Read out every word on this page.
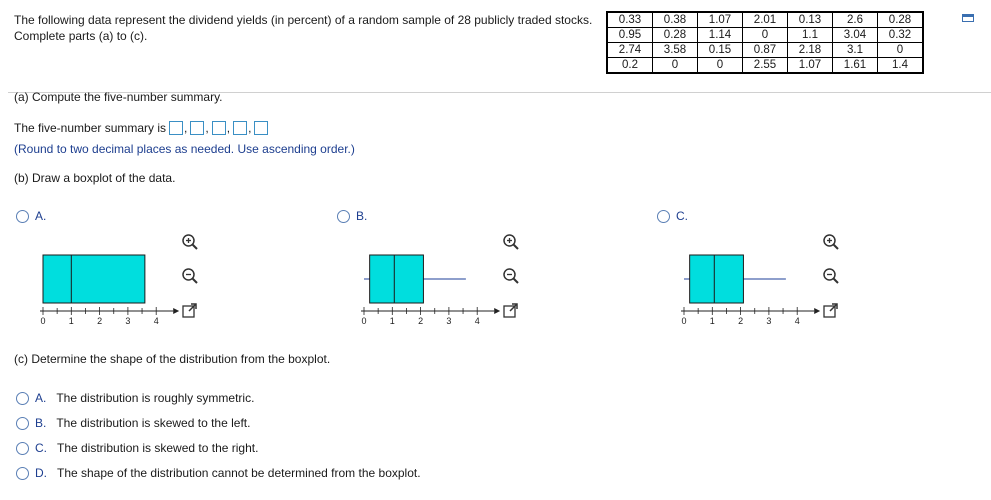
The following data represent the dividend yields (in percent) of a random sample of 28 publicly traded stocks. Complete parts (a) to (c).
0.33	0.38	1.07	2.01	0.13	2.6	0.28
0.95	0.28	1.14	0	1.1	3.04	0.32
2.74	3.58	0.15	0.87	2.18	3.1	0
0.2	0	0	2.55	1.07	1.61	1.4
(a) Compute the five-number summary.
The five-number summary is , , , ,
(Round to two decimal places as needed. Use ascending order.)
(b) Draw a boxplot of the data.
A.	B.	C.
0	1	2	3	4	0	1	2	3	4	0	1	2	3	4
(c) Determine the shape of the distribution from the boxplot.
A. The distribution is roughly symmetric.
B. The distribution is skewed to the left.
C. The distribution is skewed to the right.
D. The shape of the distribution cannot be determined from the boxplot.
